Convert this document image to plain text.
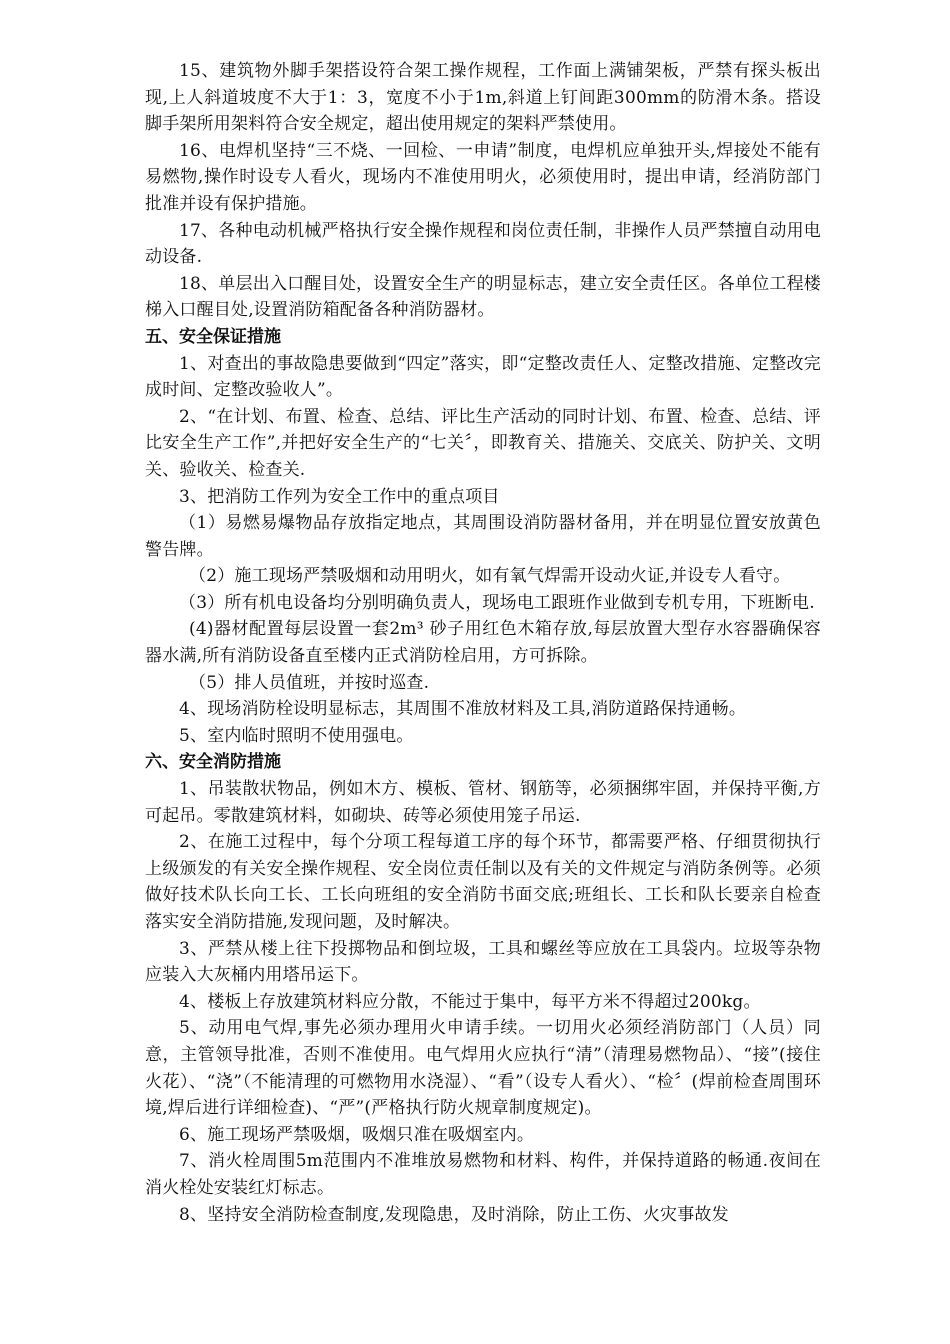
15、建筑物外脚手架搭设符合架工操作规程，工作面上满铺架板，严禁有探头板出现,上人斜道坡度不大于1：3，宽度不小于1m,斜道上钉间距300mm的防滑木条。搭设脚手架所用架料符合安全规定，超出使用规定的架料严禁使用。

16、电焊机坚持“三不烧、一回检、一申请”制度，电焊机应单独开头,焊接处不能有易燃物,操作时设专人看火，现场内不准使用明火，必须使用时，提出申请，经消防部门批准并设有保护措施。

17、各种电动机械严格执行安全操作规程和岗位责任制，非操作人员严禁擅自动用电动设备.

18、单层出入口醒目处，设置安全生产的明显标志，建立安全责任区。各单位工程楼梯入口醒目处,设置消防箱配备各种消防器材。

五、安全保证措施

1、对查出的事故隐患要做到“四定”落实，即“定整改责任人、定整改措施、定整改完成时间、定整改验收人”。

2、“在计划、布置、检查、总结、评比生产活动的同时计划、布置、检查、总结、评比安全生产工作”,并把好安全生产的“七关〞，即教育关、措施关、交底关、防护关、文明关、验收关、检查关.

3、把消防工作列为安全工作中的重点项目

（1）易燃易爆物品存放指定地点，其周围设消防器材备用，并在明显位置安放黄色警告牌。

（2）施工现场严禁吸烟和动用明火，如有氧气焊需开设动火证,并设专人看守。

（3）所有机电设备均分别明确负责人，现场电工跟班作业做到专机专用，下班断电.

(4)器材配置每层设置一套2m³ 砂子用红色木箱存放,每层放置大型存水容器确保容器水满,所有消防设备直至楼内正式消防栓启用，方可拆除。

（5）排人员值班，并按时巡查.

4、现场消防栓设明显标志，其周围不准放材料及工具,消防道路保持通畅。

5、室内临时照明不使用强电。

六、安全消防措施

1、吊装散状物品，例如木方、模板、管材、钢筋等，必须捆绑牢固，并保持平衡,方可起吊。零散建筑材料，如砌块、砖等必须使用笼子吊运.

2、在施工过程中，每个分项工程每道工序的每个环节，都需要严格、仔细贯彻执行上级颁发的有关安全操作规程、安全岗位责任制以及有关的文件规定与消防条例等。必须做好技术队长向工长、工长向班组的安全消防书面交底;班组长、工长和队长要亲自检查落实安全消防措施,发现问题，及时解决。

3、严禁从楼上往下投掷物品和倒垃圾，工具和螺丝等应放在工具袋内。垃圾等杂物应装入大灰桶内用塔吊运下。

4、楼板上存放建筑材料应分散，不能过于集中，每平方米不得超过200kg。

5、动用电气焊,事先必须办理用火申请手续。一切用火必须经消防部门（人员）同意，主管领导批准，否则不准使用。电气焊用火应执行“清”（清理易燃物品）、“接”(接住火花）、“浇”（不能清理的可燃物用水浇湿）、“看”（设专人看火）、“检〞(焊前检查周围环境,焊后进行详细检查)、“严”(严格执行防火规章制度规定)。

6、施工现场严禁吸烟，吸烟只准在吸烟室内。

7、消火栓周围5m范围内不准堆放易燃物和材料、构件，并保持道路的畅通.夜间在消火栓处安装红灯标志。

8、坚持安全消防检查制度,发现隐患，及时消除，防止工伤、火灾事故发
